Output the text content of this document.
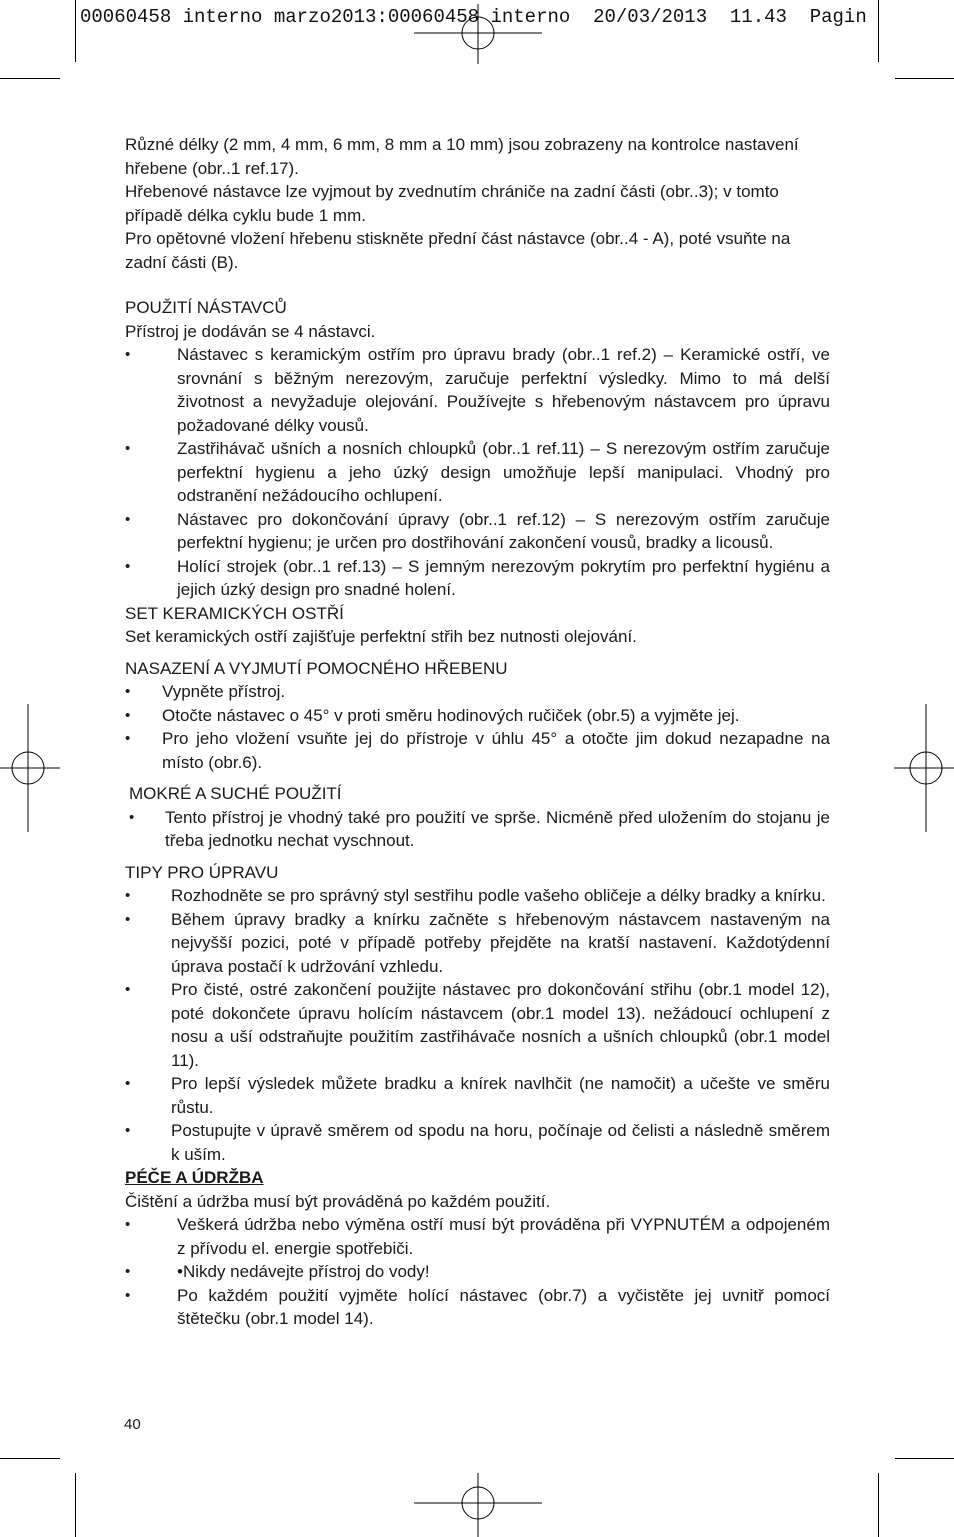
00060458 interno marzo2013:00060458 interno  20/03/2013  11.43  Pagin

Různé délky (2 mm, 4 mm, 6 mm, 8 mm a 10 mm) jsou zobrazeny na kontrolce nastavení hřebene (obr..1 ref.17).

Hřebenové nástavce lze vyjmout by zvednutím chrániče na zadní části (obr..3); v tomto případě délka cyklu bude 1 mm.

Pro opětovné vložení hřebenu stiskněte přední část nástavce (obr..4 - A), poté vsuňte na zadní části (B).

POUŽITÍ NÁSTAVCŮ

Přístroj je dodáván se 4 nástavci.

•	Nástavec s keramickým ostřím pro úpravu brady (obr..1 ref.2) – Keramické ostří, ve srovnání s běžným nerezovým, zaručuje perfektní výsledky. Mimo to má delší životnost a nevyžaduje olejování. Používejte s hřebenovým nástavcem pro úpravu požadované délky vousů.
•	Zastřihávač ušních a nosních chloupků (obr..1 ref.11) – S nerezovým ostřím zaručuje perfektní hygienu a jeho úzký design umožňuje lepší manipulaci. Vhodný pro odstranění nežádoucího ochlupení.
•	Nástavec pro dokončování úpravy (obr..1 ref.12) – S nerezovým ostřím zaručuje perfektní hygienu; je určen pro dostřihování zakončení vousů, bradky a licousů.
•	Holící strojek (obr..1 ref.13) – S jemným nerezovým pokrytím pro perfektní hygiénu a jejich úzký design pro snadné holení.

SET KERAMICKÝCH OSTŘÍ

Set keramických ostří zajišťuje perfektní střih bez nutnosti olejování.

NASAZENÍ A VYJMUTÍ POMOCNÉHO HŘEBENU

• Vypněte přístroj.
• Otočte nástavec o 45° v proti směru hodinových ručiček (obr.5) a vyjměte jej.
• Pro jeho vložení vsuňte jej do přístroje v úhlu 45° a otočte jim dokud nezapadne na místo (obr.6).

MOKRÉ A SUCHÉ POUŽITÍ

• Tento přístroj je vhodný také pro použití ve sprše. Nicméně před uložením do stojanu je třeba jednotku nechat vyschnout.

TIPY PRO ÚPRAVU

• Rozhodněte se pro správný styl sestřihu podle vašeho obličeje a délky bradky a knírku.
• Během úpravy bradky a knírku začněte s hřebenovým nástavcem nastaveným na nejvyšší pozici, poté v případě potřeby přejděte na kratší nastavení. Každotýdenní úprava postačí k udržování vzhledu.
• Pro čisté, ostré zakončení použijte nástavec pro dokončování střihu (obr.1 model 12), poté dokončete úpravu holícím nástavcem (obr.1 model 13). nežádoucí ochlupení z nosu a uší odstraňujte použitím zastřihávače nosních a ušních chloupků (obr.1 model 11).
• Pro lepší výsledek můžete bradku a knírek navlhčit (ne namočit) a učešte ve směru růstu.
• Postupujte v úpravě směrem od spodu na horu, počínaje od čelisti a následně směrem k uším.

PÉČE A ÚDRŽBA

Čištění a údržba musí být prováděná po každém použití.

•	Veškerá údržba nebo výměna ostří musí být prováděna při VYPNUTÉM a odpojeném z přívodu el. energie spotřebiči.
•	•Nikdy nedávejte přístroj do vody!
•	Po každém použití vyjměte holící nástavec (obr.7) a vyčistěte jej uvnitř pomocí štětečku (obr.1 model 14).
40
